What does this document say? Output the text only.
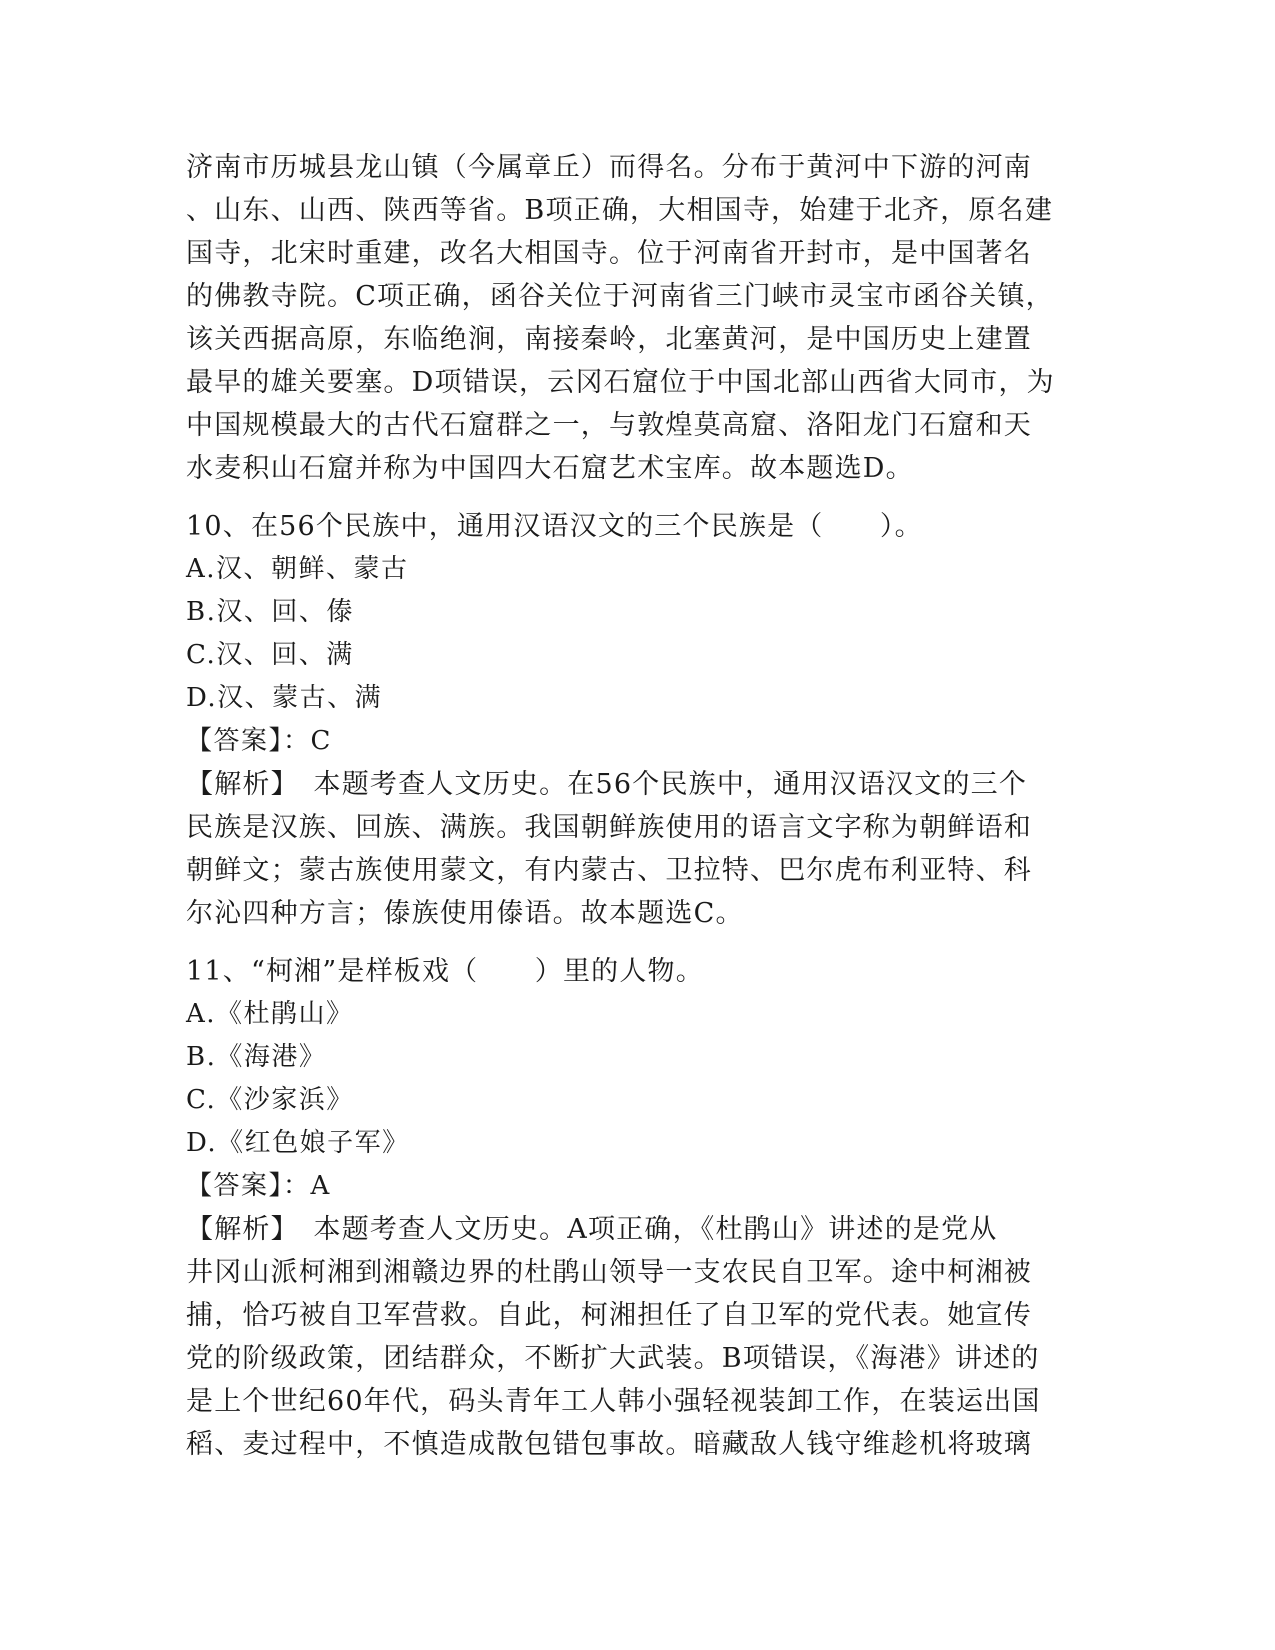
济南市历城县龙山镇（今属章丘）而得名。分布于黄河中下游的河南
、山东、山西、陕西等省。B项正确，大相国寺，始建于北齐，原名建
国寺，北宋时重建，改名大相国寺。位于河南省开封市，是中国著名
的佛教寺院。C项正确，函谷关位于河南省三门峡市灵宝市函谷关镇，
该关西据高原，东临绝涧，南接秦岭，北塞黄河，是中国历史上建置
最早的雄关要塞。D项错误，云冈石窟位于中国北部山西省大同市，为
中国规模最大的古代石窟群之一，与敦煌莫高窟、洛阳龙门石窟和天
水麦积山石窟并称为中国四大石窟艺术宝库。故本题选D。
10、在56个民族中，通用汉语汉文的三个民族是（　　）。
A.汉、朝鲜、蒙古
B.汉、回、傣
C.汉、回、满
D.汉、蒙古、满
【答案】：C
【解析】　本题考查人文历史。在56个民族中，通用汉语汉文的三个
民族是汉族、回族、满族。我国朝鲜族使用的语言文字称为朝鲜语和
朝鲜文；蒙古族使用蒙文，有内蒙古、卫拉特、巴尔虎布利亚特、科
尔沁四种方言；傣族使用傣语。故本题选C。
11、“柯湘”是样板戏（　　）里的人物。
A.《杜鹃山》
B.《海港》
C.《沙家浜》
D.《红色娘子军》
【答案】：A
【解析】　本题考查人文历史。A项正确，《杜鹃山》讲述的是党从
井冈山派柯湘到湘赣边界的杜鹃山领导一支农民自卫军。途中柯湘被
捕，恰巧被自卫军营救。自此，柯湘担任了自卫军的党代表。她宣传
党的阶级政策，团结群众，不断扩大武装。B项错误，《海港》讲述的
是上个世纪60年代，码头青年工人韩小强轻视装卸工作，在装运出国
稻、麦过程中，不慎造成散包错包事故。暗藏敌人钱守维趁机将玻璃
